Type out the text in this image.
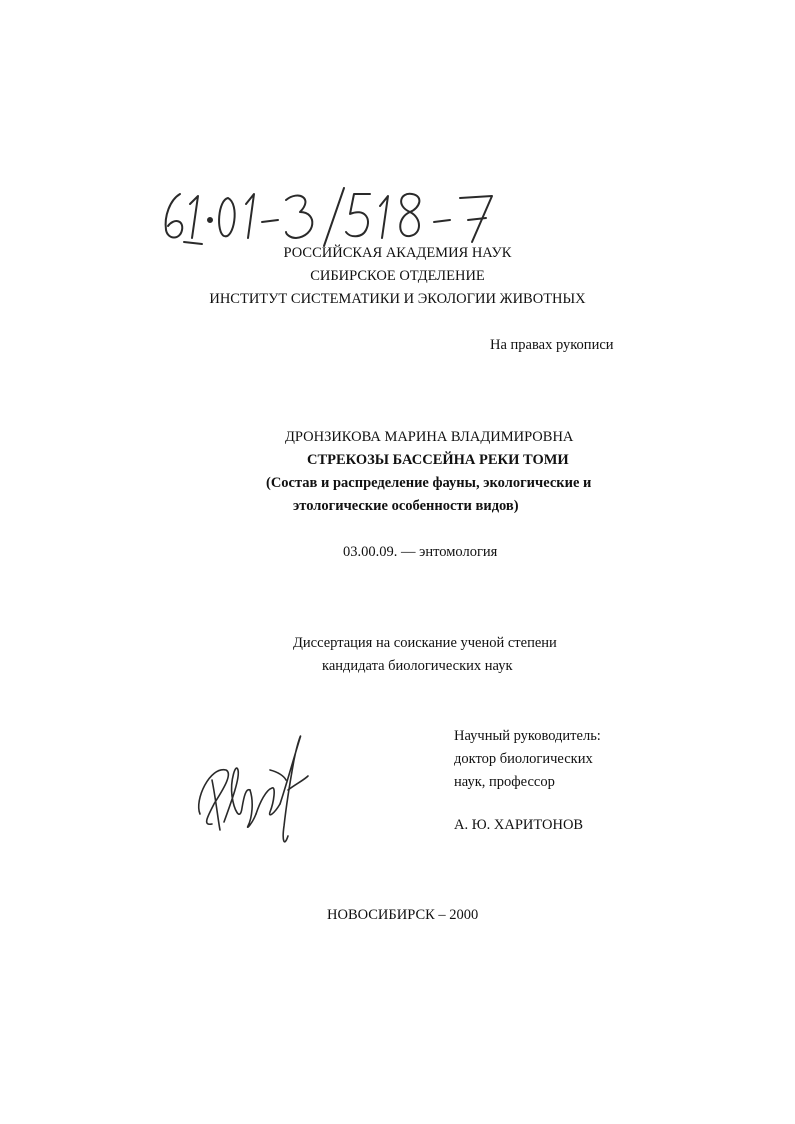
РОССИЙСКАЯ АКАДЕМИЯ НАУК
СИБИРСКОЕ ОТДЕЛЕНИЕ
ИНСТИТУТ СИСТЕМАТИКИ И ЭКОЛОГИИ ЖИВОТНЫХ
На правах рукописи
ДРОНЗИКОВА МАРИНА ВЛАДИМИРОВНА
СТРЕКОЗЫ БАССЕЙНА РЕКИ ТОМИ
(Состав и распределение фауны, экологические и
этологические особенности видов)
03.00.09. — энтомология
Диссертация на соискание ученой степени
кандидата биологических наук
Научный руководитель:
доктор биологических
наук, профессор
А. Ю. ХАРИТОНОВ
НОВОСИБИРСК – 2000
